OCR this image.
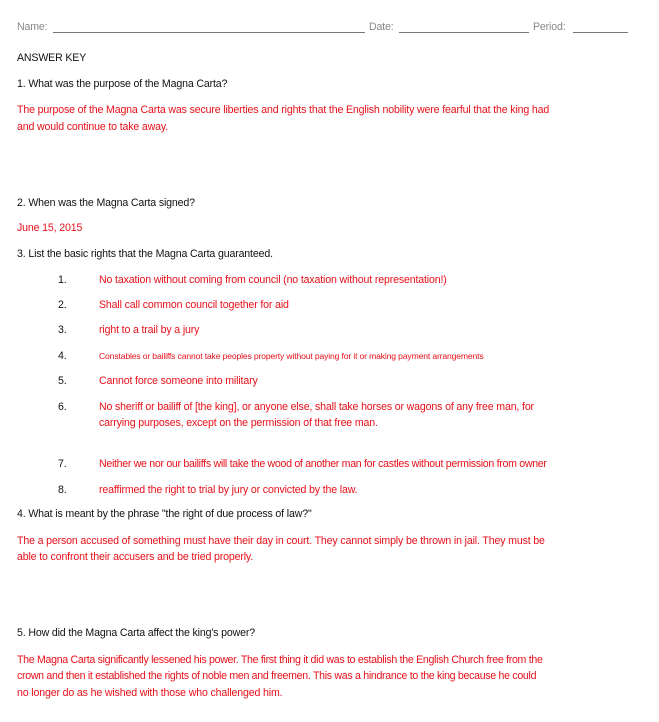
Name:	Date:	Period:
ANSWER KEY
1. What was the purpose of the Magna Carta?
The purpose of the Magna Carta was secure liberties and rights that the English nobility were fearful that the king had
and would continue to take away.
2. When was the Magna Carta signed?
June 15, 2015
3. List the basic rights that the Magna Carta guaranteed.
1.	No taxation without coming from council (no taxation without representation!)
2.	Shall call common council together for aid
3.	right to a trail by a jury
4.	Constables or bailiffs cannot take peoples property without paying for it or making payment arrangements
5.	Cannot force someone into military
6.	No sheriff or bailiff of [the king], or anyone else, shall take horses or wagons of any free man, for
carrying purposes, except on the permission of that free man.
7.	Neither we nor our bailiffs will take the wood of another man for castles without permission from owner
8.	reaffirmed the right to trial by jury or convicted by the law.
4. What is meant by the phrase "the right of due process of law?"
The a person accused of something must have their day in court. They cannot simply be thrown in jail. They must be
able to confront their accusers and be tried properly.
5. How did the Magna Carta affect the king's power?
The Magna Carta significantly lessened his power. The first thing it did was to establish the English Church free from the
crown and then it established the rights of noble men and freemen. This was a hindrance to the king because he could
no longer do as he wished with those who challenged him.
